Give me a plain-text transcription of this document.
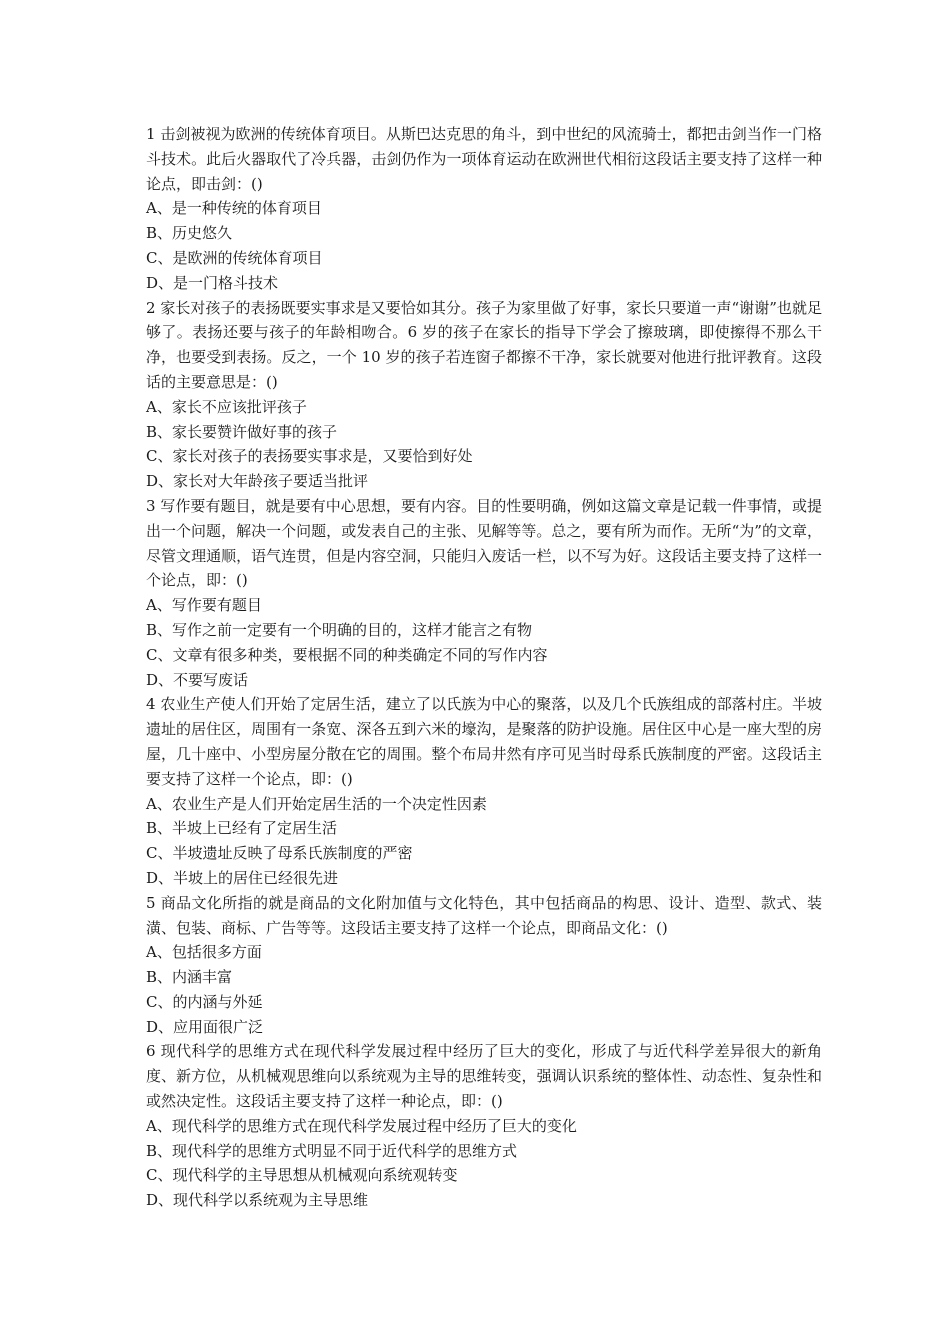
1 击剑被视为欧洲的传统体育项目。从斯巴达克思的角斗，到中世纪的风流骑士，都把击剑当作一门格斗技术。此后火器取代了冷兵器，击剑仍作为一项体育运动在欧洲世代相衍这段话主要支持了这样一种论点，即击剑：()

A、是一种传统的体育项目

B、历史悠久

C、是欧洲的传统体育项目

D、是一门格斗技术

2 家长对孩子的表扬既要实事求是又要恰如其分。孩子为家里做了好事，家长只要道一声“谢谢”也就足够了。表扬还要与孩子的年龄相吻合。6 岁的孩子在家长的指导下学会了擦玻璃，即使擦得不那么干净，也要受到表扬。反之，一个 10 岁的孩子若连窗子都擦不干净，家长就要对他进行批评教育。这段话的主要意思是：()

A、家长不应该批评孩子

B、家长要赞许做好事的孩子

C、家长对孩子的表扬要实事求是，又要恰到好处

D、家长对大年龄孩子要适当批评

3 写作要有题目，就是要有中心思想，要有内容。目的性要明确，例如这篇文章是记载一件事情，或提出一个问题，解决一个问题，或发表自己的主张、见解等等。总之，要有所为而作。无所“为”的文章，尽管文理通顺，语气连贯，但是内容空洞，只能归入废话一栏，以不写为好。这段话主要支持了这样一个论点，即：()

A、写作要有题目

B、写作之前一定要有一个明确的目的，这样才能言之有物

C、文章有很多种类，要根据不同的种类确定不同的写作内容

D、不要写废话

4 农业生产使人们开始了定居生活，建立了以氏族为中心的聚落，以及几个氏族组成的部落村庄。半坡遗址的居住区，周围有一条宽、深各五到六米的壕沟，是聚落的防护设施。居住区中心是一座大型的房屋，几十座中、小型房屋分散在它的周围。整个布局井然有序可见当时母系氏族制度的严密。这段话主要支持了这样一个论点，即：()

A、农业生产是人们开始定居生活的一个决定性因素

B、半坡上已经有了定居生活

C、半坡遗址反映了母系氏族制度的严密

D、半坡上的居住已经很先进

5 商品文化所指的就是商品的文化附加值与文化特色，其中包括商品的构思、设计、造型、款式、装潢、包装、商标、广告等等。这段话主要支持了这样一个论点，即商品文化：()

A、包括很多方面

B、内涵丰富

C、的内涵与外延

D、应用面很广泛

6 现代科学的思维方式在现代科学发展过程中经历了巨大的变化，形成了与近代科学差异很大的新角度、新方位，从机械观思维向以系统观为主导的思维转变，强调认识系统的整体性、动态性、复杂性和或然决定性。这段话主要支持了这样一种论点，即：()

A、现代科学的思维方式在现代科学发展过程中经历了巨大的变化

B、现代科学的思维方式明显不同于近代科学的思维方式

C、现代科学的主导思想从机械观向系统观转变

D、现代科学以系统观为主导思维
